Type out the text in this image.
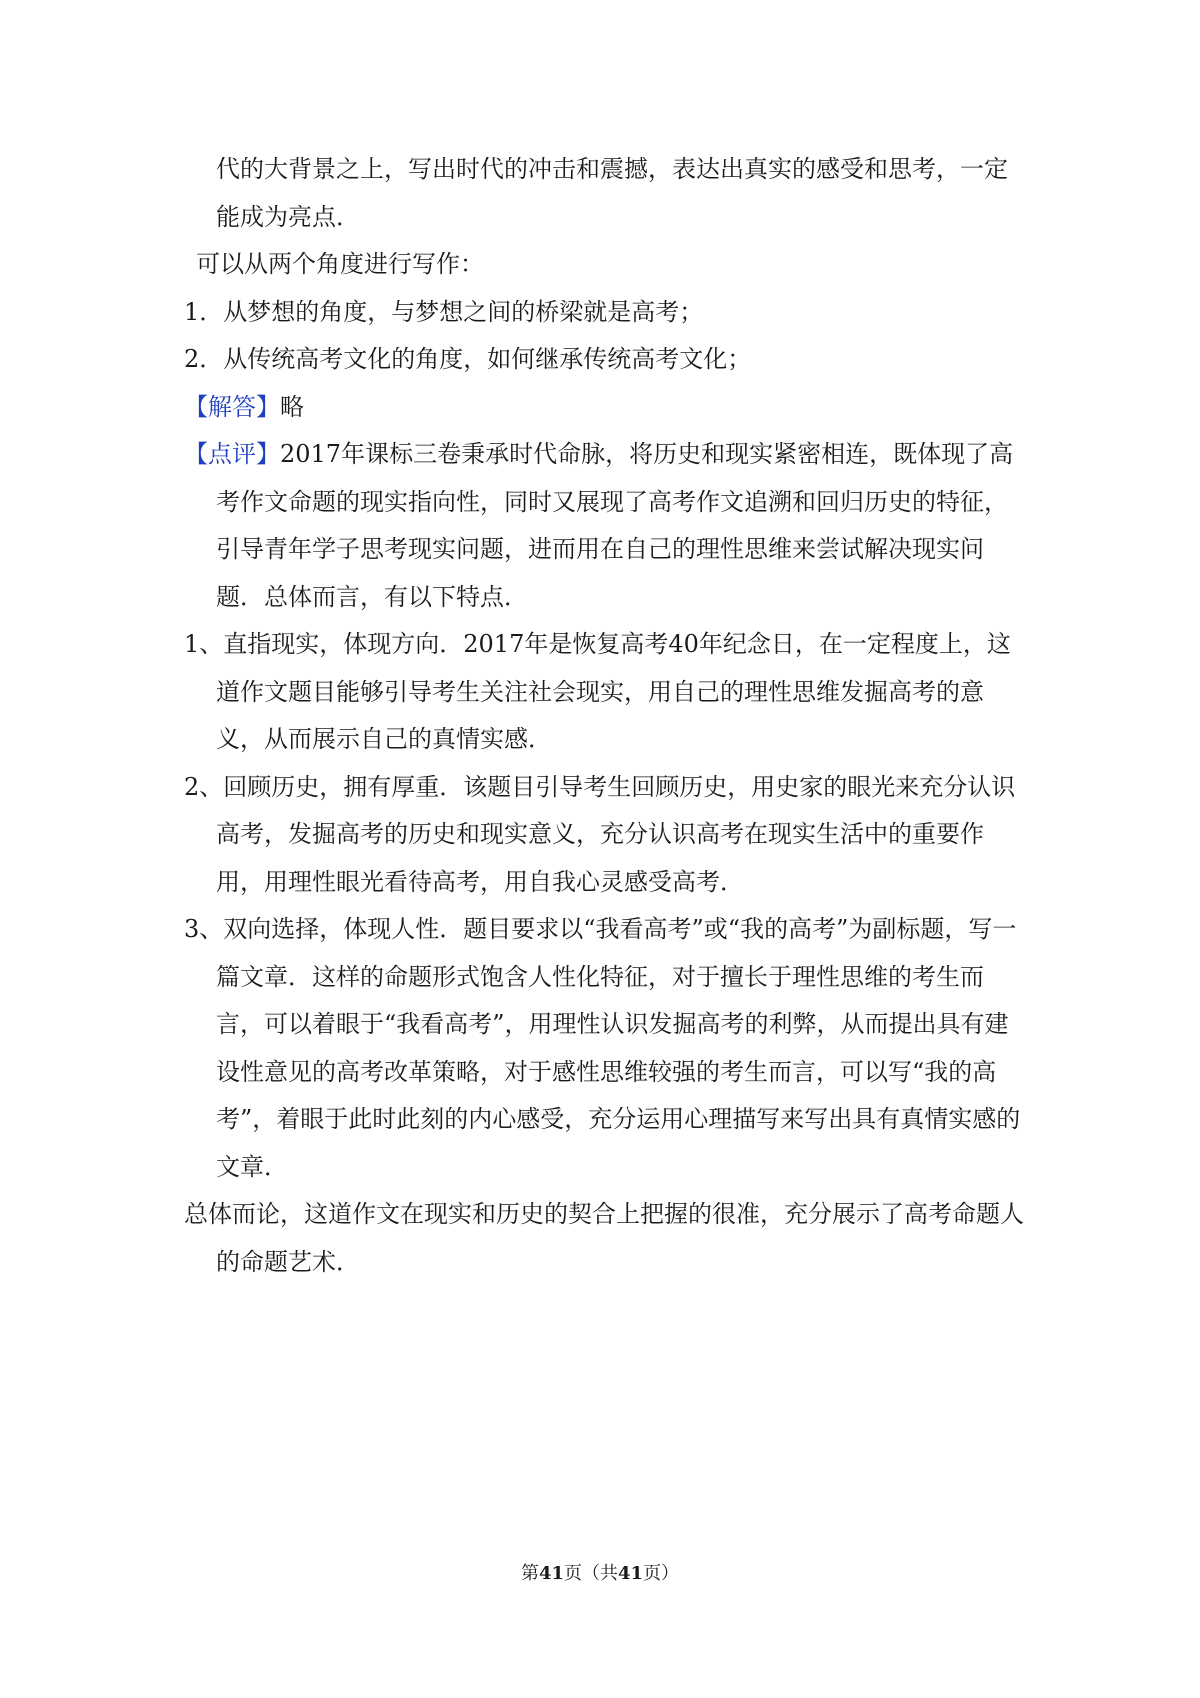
代的大背景之上，写出时代的冲击和震撼，表达出真实的感受和思考，一定能成为亮点．

可以从两个角度进行写作：

1．从梦想的角度，与梦想之间的桥梁就是高考；

2．从传统高考文化的角度，如何继承传统高考文化；

【解答】略

【点评】2017年课标三卷秉承时代命脉，将历史和现实紧密相连，既体现了高考作文命题的现实指向性，同时又展现了高考作文追溯和回归历史的特征，引导青年学子思考现实问题，进而用在自己的理性思维来尝试解决现实问题．总体而言，有以下特点．

1、直指现实，体现方向．2017年是恢复高考40年纪念日，在一定程度上，这道作文题目能够引导考生关注社会现实，用自己的理性思维发掘高考的意义，从而展示自己的真情实感．

2、回顾历史，拥有厚重．该题目引导考生回顾历史，用史家的眼光来充分认识高考，发掘高考的历史和现实意义，充分认识高考在现实生活中的重要作用，用理性眼光看待高考，用自我心灵感受高考．

3、双向选择，体现人性．题目要求以“我看高考”或“我的高考”为副标题，写一篇文章．这样的命题形式饱含人性化特征，对于擅长于理性思维的考生而言，可以着眼于“我看高考”，用理性认识发掘高考的利弊，从而提出具有建设性意见的高考改革策略，对于感性思维较强的考生而言，可以写“我的高考”，着眼于此时此刻的内心感受，充分运用心理描写来写出具有真情实感的文章．

总体而论，这道作文在现实和历史的契合上把握的很准，充分展示了高考命题人的命题艺术．

第41页（共41页）
